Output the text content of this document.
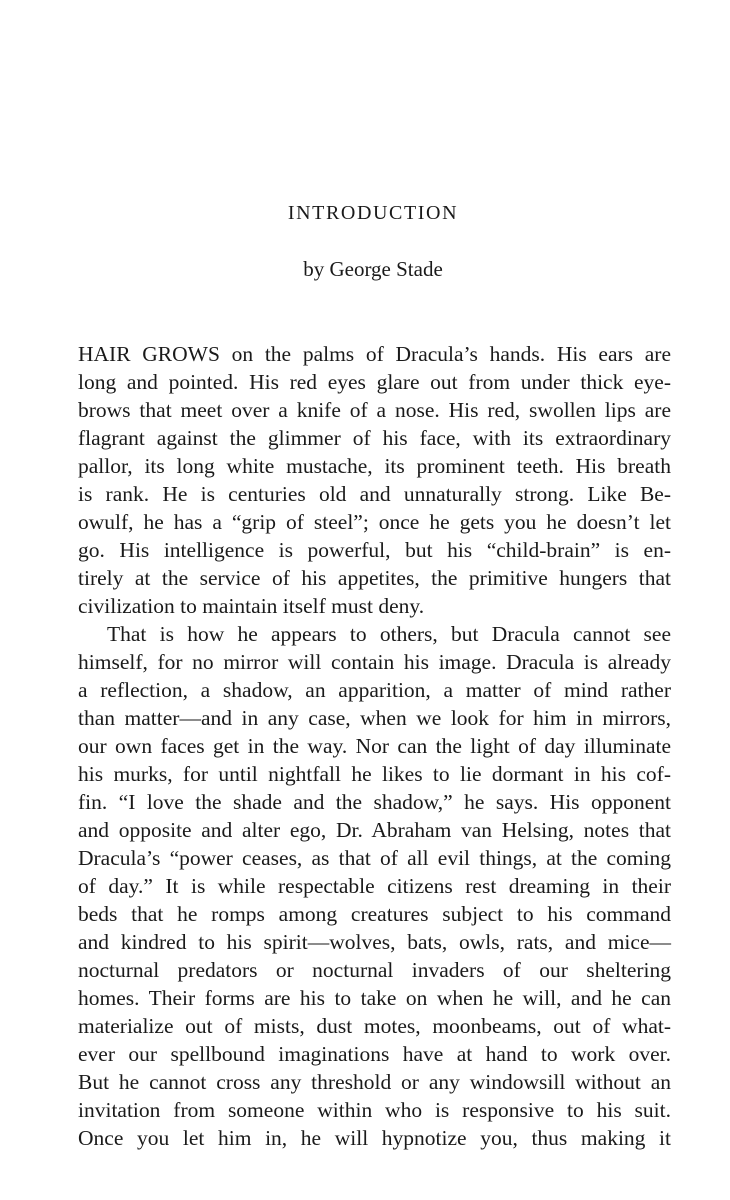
INTRODUCTION
by George Stade
HAIR GROWS on the palms of Dracula’s hands. His ears are
long and pointed. His red eyes glare out from under thick eye-
brows that meet over a knife of a nose. His red, swollen lips are
flagrant against the glimmer of his face, with its extraordinary
pallor, its long white mustache, its prominent teeth. His breath
is rank. He is centuries old and unnaturally strong. Like Be-
owulf, he has a “grip of steel”; once he gets you he doesn’t let
go. His intelligence is powerful, but his “child-brain” is en-
tirely at the service of his appetites, the primitive hungers that
civilization to maintain itself must deny.
That is how he appears to others, but Dracula cannot see
himself, for no mirror will contain his image. Dracula is already
a reflection, a shadow, an apparition, a matter of mind rather
than matter—and in any case, when we look for him in mirrors,
our own faces get in the way. Nor can the light of day illuminate
his murks, for until nightfall he likes to lie dormant in his cof-
fin. “I love the shade and the shadow,” he says. His opponent
and opposite and alter ego, Dr. Abraham van Helsing, notes that
Dracula’s “power ceases, as that of all evil things, at the coming
of day.” It is while respectable citizens rest dreaming in their
beds that he romps among creatures subject to his command
and kindred to his spirit—wolves, bats, owls, rats, and mice—
nocturnal predators or nocturnal invaders of our sheltering
homes. Their forms are his to take on when he will, and he can
materialize out of mists, dust motes, moonbeams, out of what-
ever our spellbound imaginations have at hand to work over.
But he cannot cross any threshold or any windowsill without an
invitation from someone within who is responsive to his suit.
Once you let him in, he will hypnotize you, thus making it
